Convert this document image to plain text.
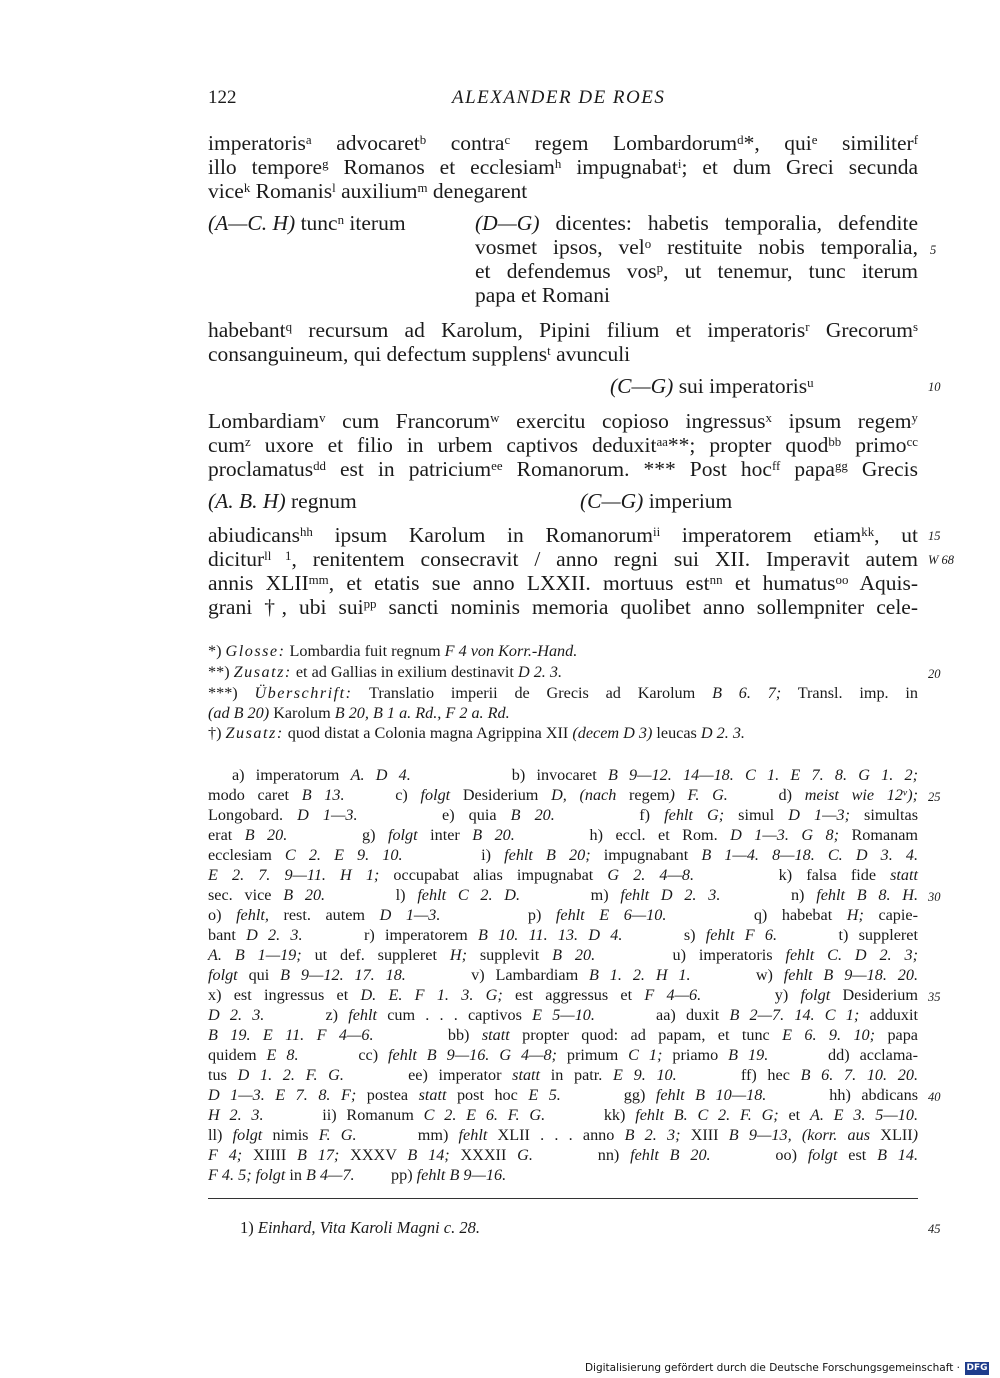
122	ALEXANDER DE ROES
imperatoris$^a$ advocaret$^b$ contra$^c$ regem Lombardorum$^d$*, qui$^e$ similiter$^f$
illo tempore$^g$ Romanos et ecclesiam$^h$ impugnabat$^i$; et dum Greci secunda
vice$^k$ Romanis$^l$ auxilium$^m$ denegarent
(A—C. H) tunc$^n$ iterum	(D—G) dicentes: habetis temporalia, defendite
vosmet ipsos, vel$^o$ restituite nobis temporalia,
et defendemus vos$^p$, ut tenemur, tunc iterum
papa et Romani
habebant$^q$ recursum ad Karolum, Pipini filium et imperatoris$^r$ Grecorum$^s$
consanguineum, qui defectum supplens$^t$ avunculi
(C—G) sui imperatoris$^u$
Lombardiam$^v$ cum Francorum$^w$ exercitu copioso ingressus$^x$ ipsum regem$^y$
cum$^z$ uxore et filio in urbem captivos deduxit$^{aa}$**; propter quod$^{bb}$ primo$^{cc}$
proclamatus$^{dd}$ est in patricium$^{ee}$ Romanorum. *** Post hoc$^{ff}$ papa$^{gg}$ Grecis
(A. B. H) regnum	(C—G) imperium
abiudicans$^{hh}$ ipsum Karolum in Romanorum$^{ii}$ imperatorem etiam$^{kk}$, ut
dicitur$^{ll 1}$, renitentem consecravit / anno regni sui XII. Imperavit autem
annis $XLII^{mm}$, et etatis sue anno LXXII. mortuus est$^{nn}$ et humatus$^{oo}$ Aquis-
grani †, ubi sui$^{pp}$ sancti nominis memoria quolibet anno sollempniter cele-
*) Glosse: Lombardia fuit regnum F 4 von Korr.-Hand.
**) Zusatz: et ad Gallias in exilium destinavit D 2. 3.
***) Überschrift: Translatio imperii de Grecis ad Karolum B 6. 7; Transl. imp. in
(ad B 20) Karolum B 20, B 1 a. Rd., F 2 a. Rd.
†) Zusatz: quod distat a Colonia magna Agrippina XII (decem D 3) leucas D 2. 3.
a) imperatorum A. D 4.         b) invocaret B 9—12. 14—18. C 1. E 7. 8. G 1. 2;
modo caret B 13.    c) folgt Desiderium D, (nach regem) F. G.    d) meist wie 12$^v$);
Longobard. D 1—3.      e) quia B 20.      f) fehlt G; simul D 1—3; simultas
erat B 20.      g) folgt inter B 20.      h) eccl. et Rom. D 1—3. G 8; Romanam
ecclesiam C 2. E 9. 10.      i) fehlt B 20; impugnabant B 1—4. 8—18. C. D 3. 4.
E 2. 7. 9—11. H 1; occupabat alias impugnabat G 2. 4—8.      k) falsa fide statt
sec. vice B 20.      l) fehlt C 2. D.      m) fehlt D 2. 3.      n) fehlt B 8. H.
o) fehlt, rest. autem D 1—3.      p) fehlt E 6—10.      q) habebat H; capie-
bant D 2. 3.      r) imperatorem B 10. 11. 13. D 4.      s) fehlt F 6.      t) suppleret
A. B 1—19; ut def. suppleret H; supplevit B 20.      u) imperatoris fehlt C. D 2. 3;
folgt qui B 9—12. 17. 18.      v) Lambardiam B 1. 2. H 1.      w) fehlt B 9—18. 20.
x) est ingressus et D. E. F 1. 3. G; est aggressus et F 4—6.      y) folgt Desiderium
D 2. 3.      z) fehlt cum . . . captivos E 5—10.      aa) duxit B 2—7. 14. C 1; adduxit
B 19. E 11. F 4—6.      bb) statt propter quod: ad papam, et tunc E 6. 9. 10; papa
quidem E 8.      cc) fehlt B 9—16. G 4—8; primum C 1; priamo B 19.      dd) acclama-
tus D 1. 2. F. G.      ee) imperator statt in patr. E 9. 10.      ff) hec B 6. 7. 10. 20.
D 1—3. E 7. 8. F; postea statt post hoc E 5.      gg) fehlt B 10—18.      hh) abdicans
H 2. 3.      ii) Romanum C 2. E 6. F. G.      kk) fehlt B. C 2. F. G; et A. E 3. 5—10.
ll) folgt nimis F. G.      mm) fehlt XLII . . . anno B 2. 3; XIII B 9—13, (korr. aus XLII)
F 4; XIIII B 17; XXXV B 14; XXXII G.      nn) fehlt B 20.      oo) folgt est B 14.
F 4. 5; folgt in B 4—7.         pp) fehlt B 9—16.
1) Einhard, Vita Karoli Magni c. 28.
5
10
15
W 68
20
25
30
35
40
45
Digitalisierung gefördert durch die Deutsche Forschungsgemeinschaft · DFG
